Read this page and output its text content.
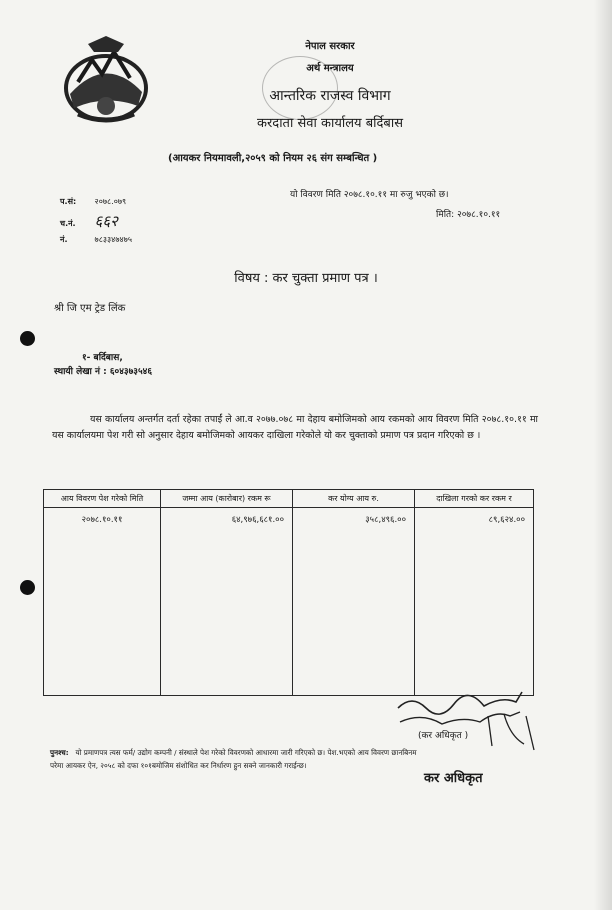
नेपाल सरकार
अर्थ मन्त्रालय
आन्तरिक राजस्व विभाग
करदाता सेवा कार्यालय बर्दिबास
(आयकर नियमावली,२०५९ को नियम २६ संग सम्बन्धित )
प.सं: २०७८.०७९
च.नं. ६६२
नं.	७८३३४७४७५
यो विवरण मिति २०७८.१०.११ मा रुजु भएको छ।
मिति: २०७८.१०.११
विषय : कर चुक्ता प्रमाण पत्र ।
श्री जि एम ट्रेड लिंक
१- बर्दिबास,
स्थायी लेखा नं : ६०४३७३५४६
यस कार्यालय अन्तर्गत दर्ता रहेका तपाईं ले आ.व २०७७.०७८ मा देहाय बमोजिमको आय रकमको आय विवरण मिति २०७८.१०.११ मा यस कार्यालयमा पेश गरी सो अनुसार देहाय बमोजिमको आयकर दाखिला गरेकोले यो कर चुक्ताको प्रमाण पत्र प्रदान गरिएको छ ।
आय विवरण पेश गरेको मिति	जम्मा आय (कारोबार) रकम रू	कर योग्य आय रु.	दाखिला गरको कर रकम र
२०७८.१०.११	६४,९७६,६८१.००	३५८,४९६.००	८९,६२४.००
(कर अधिकृत )
पुनश्च: यो प्रमाणपत्र त्यस फर्म/ उद्योग कम्पनी / संस्थाले पेश गरेको विवरणको आधारमा जारी गरिएको छ। पेश.भएको आय विवरण छानबिनम
परेमा आयकर ऐन, २०५८ को दफा १०१बमोजिम संशोधित कर निर्धारण हुन सक्ने जानकारी गराईन्छ।
कर अधिकृत
